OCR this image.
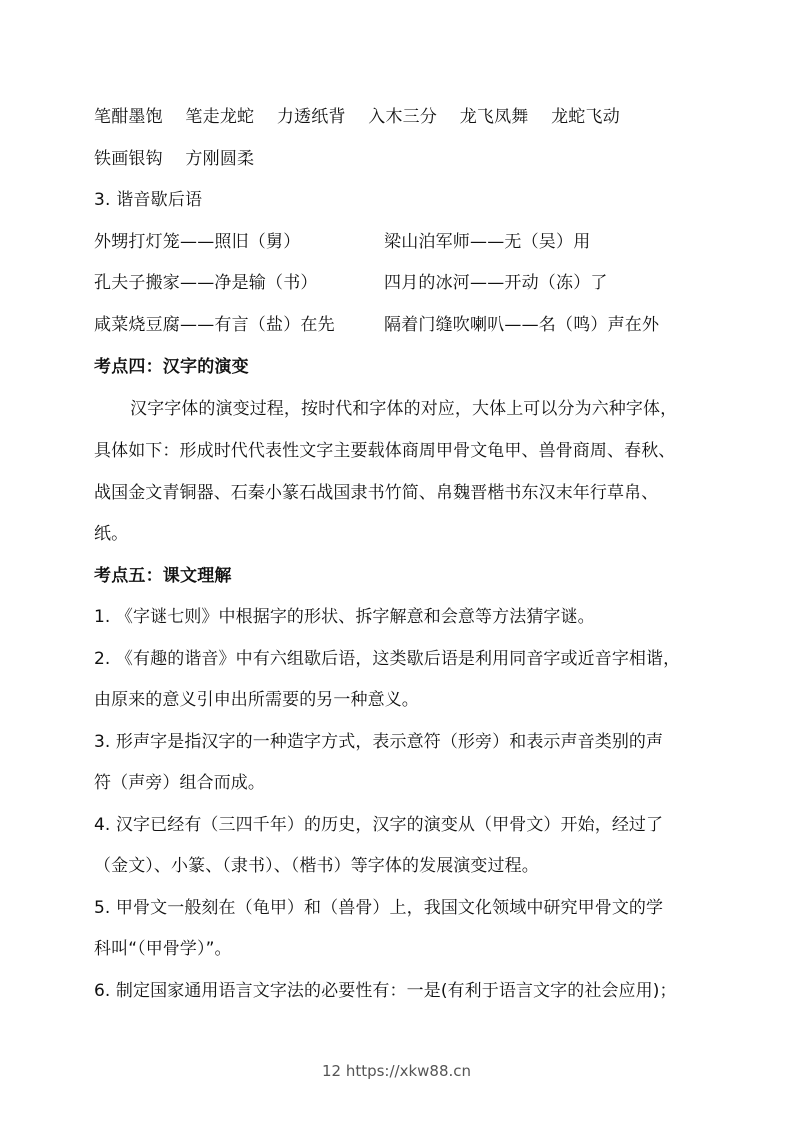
笔酣墨饱 笔走龙蛇 力透纸背 入木三分 龙飞凤舞 龙蛇飞动
铁画银钩 方刚圆柔
3. 谐音歇后语
外甥打灯笼——照旧（舅）	梁山泊军师——无（吴）用
孔夫子搬家——净是输（书）	四月的冰河——开动（冻）了
咸菜烧豆腐——有言（盐）在先	隔着门缝吹喇叭——名（鸣）声在外
考点四：汉字的演变
汉字字体的演变过程，按时代和字体的对应，大体上可以分为六种字体，
具体如下：形成时代代表性文字主要载体商周甲骨文龟甲、兽骨商周、春秋、
战国金文青铜器、石秦小篆石战国隶书竹简、帛魏晋楷书东汉末年行草帛、
纸。
考点五：课文理解
1. 《字谜七则》中根据字的形状、拆字解意和会意等方法猜字谜。
2. 《有趣的谐音》中有六组歇后语，这类歇后语是利用同音字或近音字相谐，
由原来的意义引申出所需要的另一种意义。
3. 形声字是指汉字的一种造字方式，表示意符（形旁）和表示声音类别的声
符（声旁）组合而成。
4. 汉字已经有（三四千年）的历史，汉字的演变从（甲骨文）开始，经过了
（金文）、小篆、（隶书）、（楷书）等字体的发展演变过程。
5. 甲骨文一般刻在（龟甲）和（兽骨）上，我国文化领域中研究甲骨文的学
科叫“（甲骨学）”。
6. 制定国家通用语言文字法的必要性有：一是(有利于语言文字的社会应用)；
12 https://xkw88.cn
